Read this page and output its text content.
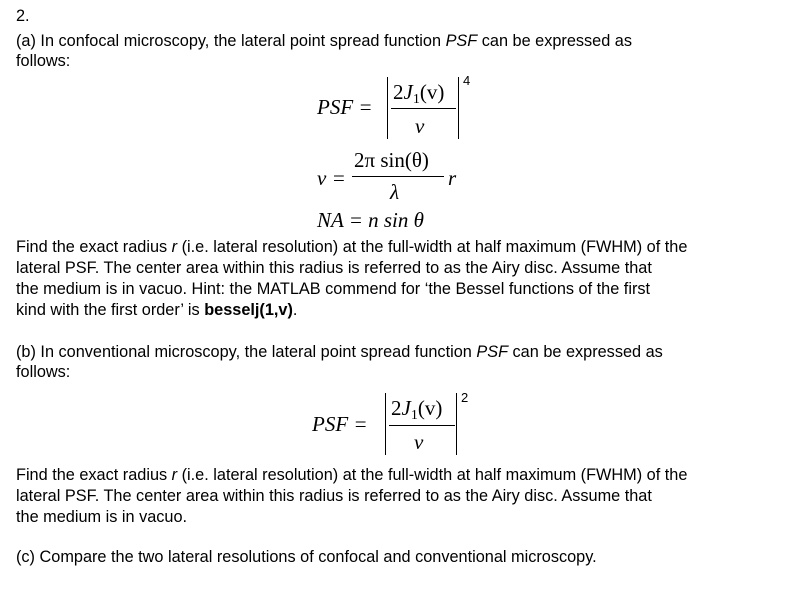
2.
(a) In confocal microscopy, the lateral point spread function PSF can be expressed as
follows:
PSF =
2J1(v)
v
4
v =
2π sin(θ)
λ
r
NA = n sin θ
Find the exact radius r (i.e. lateral resolution) at the full-width at half maximum (FWHM) of the
lateral PSF. The center area within this radius is referred to as the Airy disc. Assume that
the medium is in vacuo. Hint: the MATLAB commend for ‘the Bessel functions of the first
kind with the first order’ is besselj(1,v).
(b) In conventional microscopy, the lateral point spread function PSF can be expressed as
follows:
PSF =
2J1(v)
v
2
Find the exact radius r (i.e. lateral resolution) at the full-width at half maximum (FWHM) of the
lateral PSF. The center area within this radius is referred to as the Airy disc. Assume that
the medium is in vacuo.
(c) Compare the two lateral resolutions of confocal and conventional microscopy.
